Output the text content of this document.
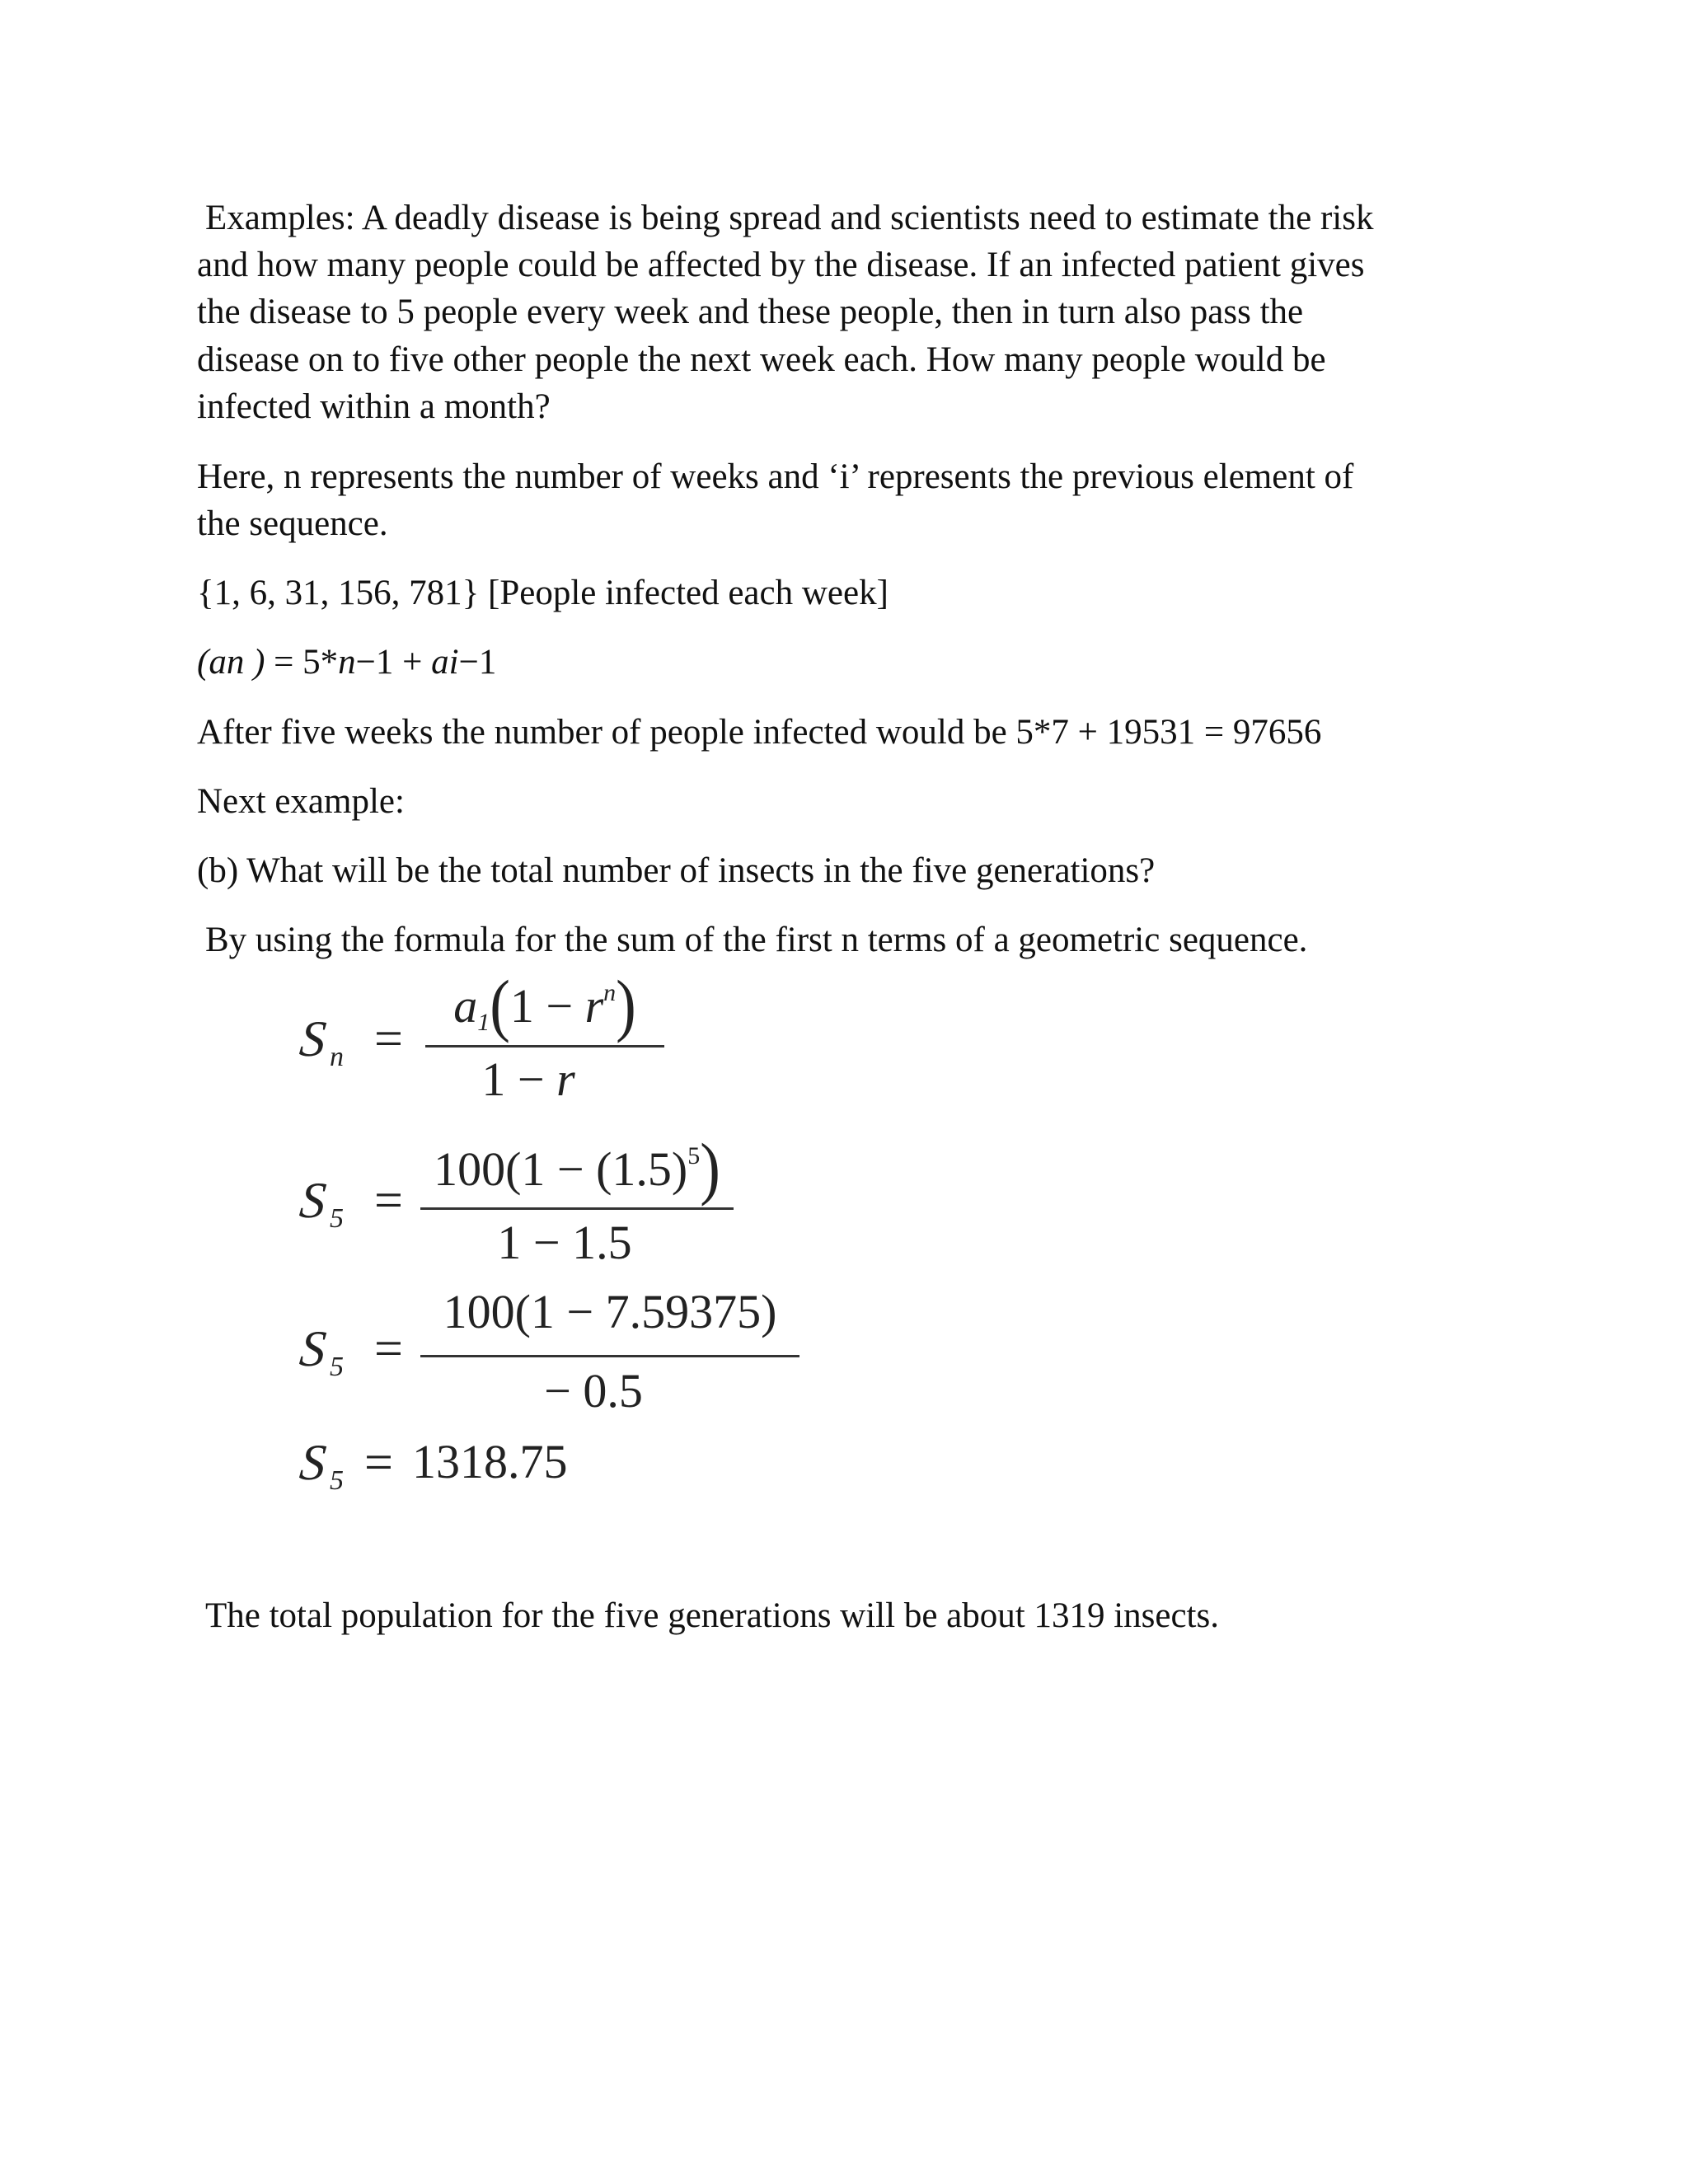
Examples: A deadly disease is being spread and scientists need to estimate the risk

and how many people could be affected by the disease. If an infected patient gives

the disease to 5 people every week and these people, then in turn also pass the

disease on to five other people the next week each. How many people would be

infected within a month?

Here, n represents the number of weeks and ‘i’ represents the previous element of

the sequence.

{1, 6, 31, 156, 781} [People infected each week]

(an ) = 5*n−1 + ai−1

After five weeks the number of people infected would be 5*7 + 19531 = 97656

Next example:

(b) What will be the total number of insects in the five generations?

By using the formula for the sum of the first n terms of a geometric sequence.

S n =
$a_1(1 - r^n)$
1 − r
S 5 =
$100(1 - (1.5)^5)$
1 − 1.5
S 5 =
100(1 − 7.59375)
− 0.5
S 5 = 1318.75

The total population for the five generations will be about 1319 insects.
